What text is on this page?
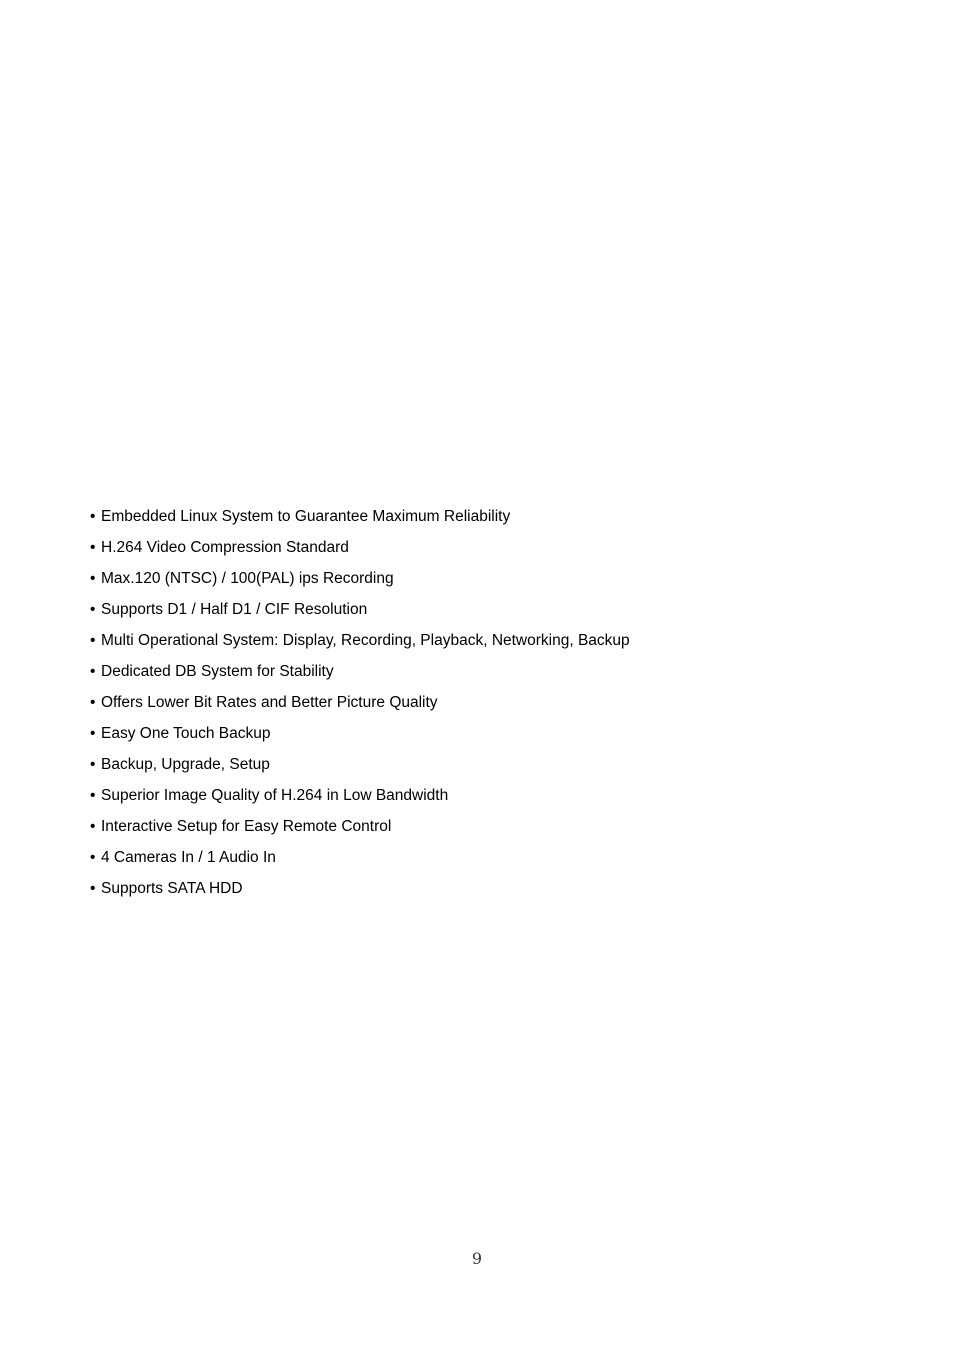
• Embedded Linux System to Guarantee Maximum Reliability
• H.264 Video Compression Standard
• Max.120 (NTSC) / 100(PAL) ips Recording
• Supports D1 / Half D1 / CIF Resolution
• Multi Operational System: Display, Recording, Playback, Networking, Backup
• Dedicated DB System for Stability
• Offers Lower Bit Rates and Better Picture Quality
• Easy One Touch Backup
• Backup, Upgrade, Setup
• Superior Image Quality of H.264 in Low Bandwidth
• Interactive Setup for Easy Remote Control
• 4 Cameras In / 1 Audio In
• Supports SATA HDD
9
